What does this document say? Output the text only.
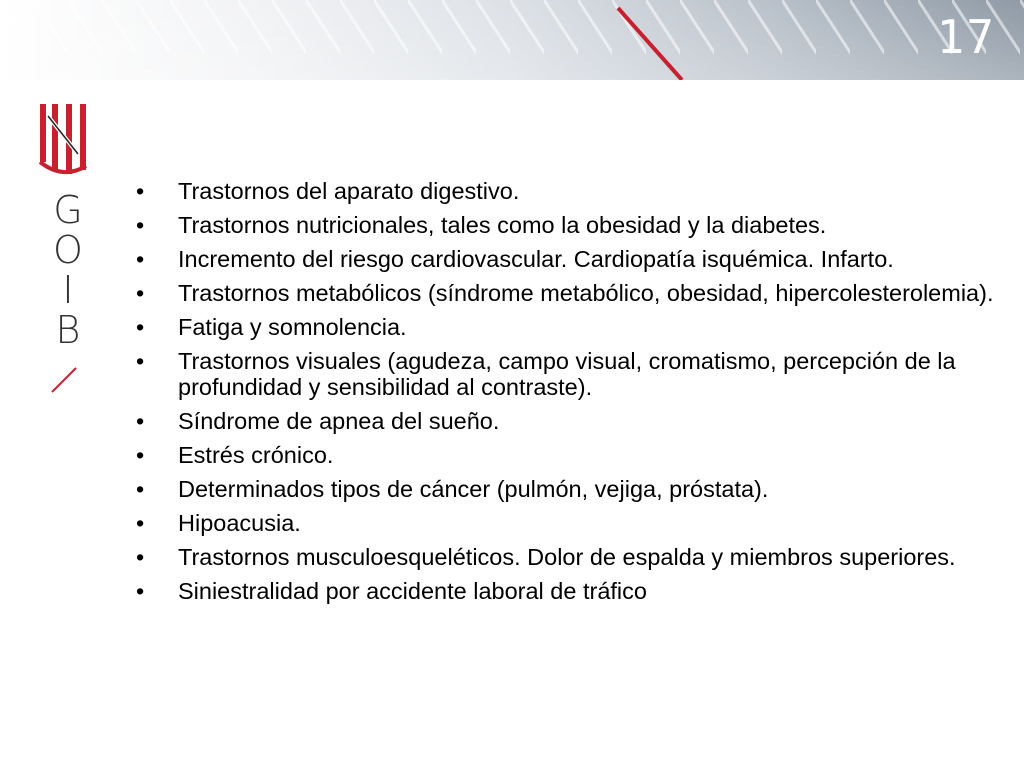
17
G
O
I
B
•	Trastornos del aparato digestivo.
•	Trastornos nutricionales, tales como la obesidad y la diabetes.
•	Incremento del riesgo cardiovascular. Cardiopatía isquémica. Infarto.
•	Trastornos metabólicos (síndrome metabólico, obesidad, hipercolesterolemia).
•	Fatiga y somnolencia.
•	Trastornos visuales (agudeza, campo visual, cromatismo, percepción de la profundidad y sensibilidad al contraste).
•	Síndrome de apnea del sueño.
•	Estrés crónico.
•	Determinados tipos de cáncer (pulmón, vejiga, próstata).
•	Hipoacusia.
•	Trastornos musculoesqueléticos. Dolor de espalda y miembros superiores.
•	Siniestralidad por accidente laboral de tráfico
